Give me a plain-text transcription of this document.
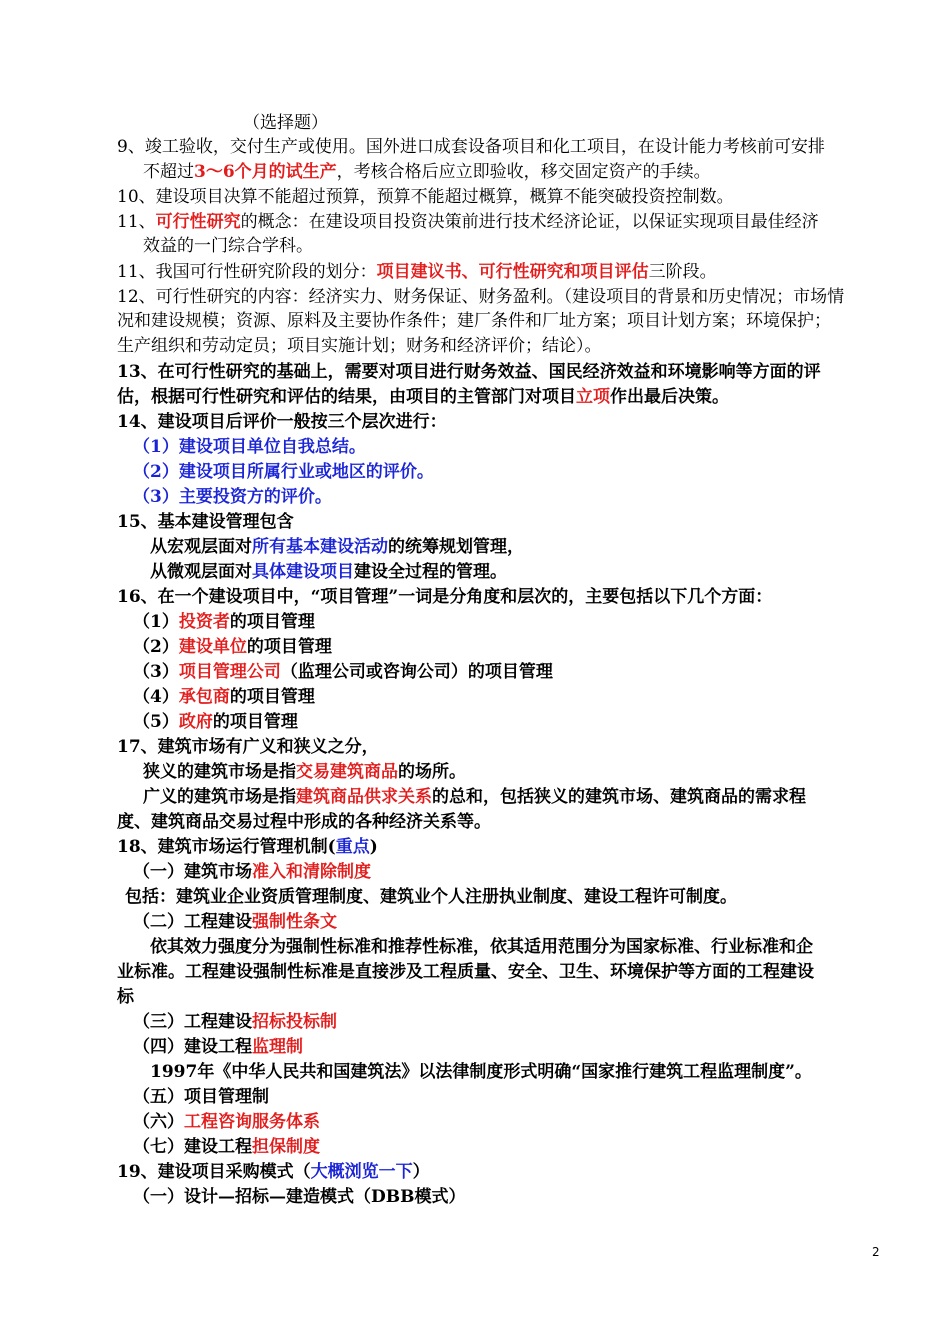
（选择题）
9、竣工验收，交付生产或使用。国外进口成套设备项目和化工项目，在设计能力考核前可安排
不超过3～6个月的试生产，考核合格后应立即验收，移交固定资产的手续。
10、建设项目决算不能超过预算，预算不能超过概算，概算不能突破投资控制数。
11、可行性研究的概念：在建设项目投资决策前进行技术经济论证，以保证实现项目最佳经济
效益的一门综合学科。
11、我国可行性研究阶段的划分：项目建议书、可行性研究和项目评估三阶段。
12、可行性研究的内容：经济实力、财务保证、财务盈利。（建设项目的背景和历史情况；市场情
况和建设规模；资源、原料及主要协作条件；建厂条件和厂址方案；项目计划方案；环境保护；
生产组织和劳动定员；项目实施计划；财务和经济评价；结论）。
13、在可行性研究的基础上，需要对项目进行财务效益、国民经济效益和环境影响等方面的评
估，根据可行性研究和评估的结果，由项目的主管部门对项目立项作出最后决策。
14、建设项目后评价一般按三个层次进行：
（1）建设项目单位自我总结。
（2）建设项目所属行业或地区的评价。
（3）主要投资方的评价。
15、基本建设管理包含
从宏观层面对所有基本建设活动的统筹规划管理，
从微观层面对具体建设项目建设全过程的管理。
16、在一个建设项目中，“项目管理”一词是分角度和层次的，主要包括以下几个方面：
（1）投资者的项目管理
（2）建设单位的项目管理
（3）项目管理公司（监理公司或咨询公司）的项目管理
（4）承包商的项目管理
（5）政府的项目管理
17、建筑市场有广义和狭义之分，
狭义的建筑市场是指交易建筑商品的场所。
广义的建筑市场是指建筑商品供求关系的总和，包括狭义的建筑市场、建筑商品的需求程
度、建筑商品交易过程中形成的各种经济关系等。
18、建筑市场运行管理机制(重点)
（一）建筑市场准入和清除制度
包括：建筑业企业资质管理制度、建筑业个人注册执业制度、建设工程许可制度。
（二）工程建设强制性条文
依其效力强度分为强制性标准和推荐性标准，依其适用范围分为国家标准、行业标准和企
业标准。工程建设强制性标准是直接涉及工程质量、安全、卫生、环境保护等方面的工程建设
标
（三）工程建设招标投标制
（四）建设工程监理制
1997年《中华人民共和国建筑法》以法律制度形式明确“国家推行建筑工程监理制度”。
（五）项目管理制
（六）工程咨询服务体系
（七）建设工程担保制度
19、建设项目采购模式（大概浏览一下）
（一）设计—招标—建造模式（DBB模式）
2
